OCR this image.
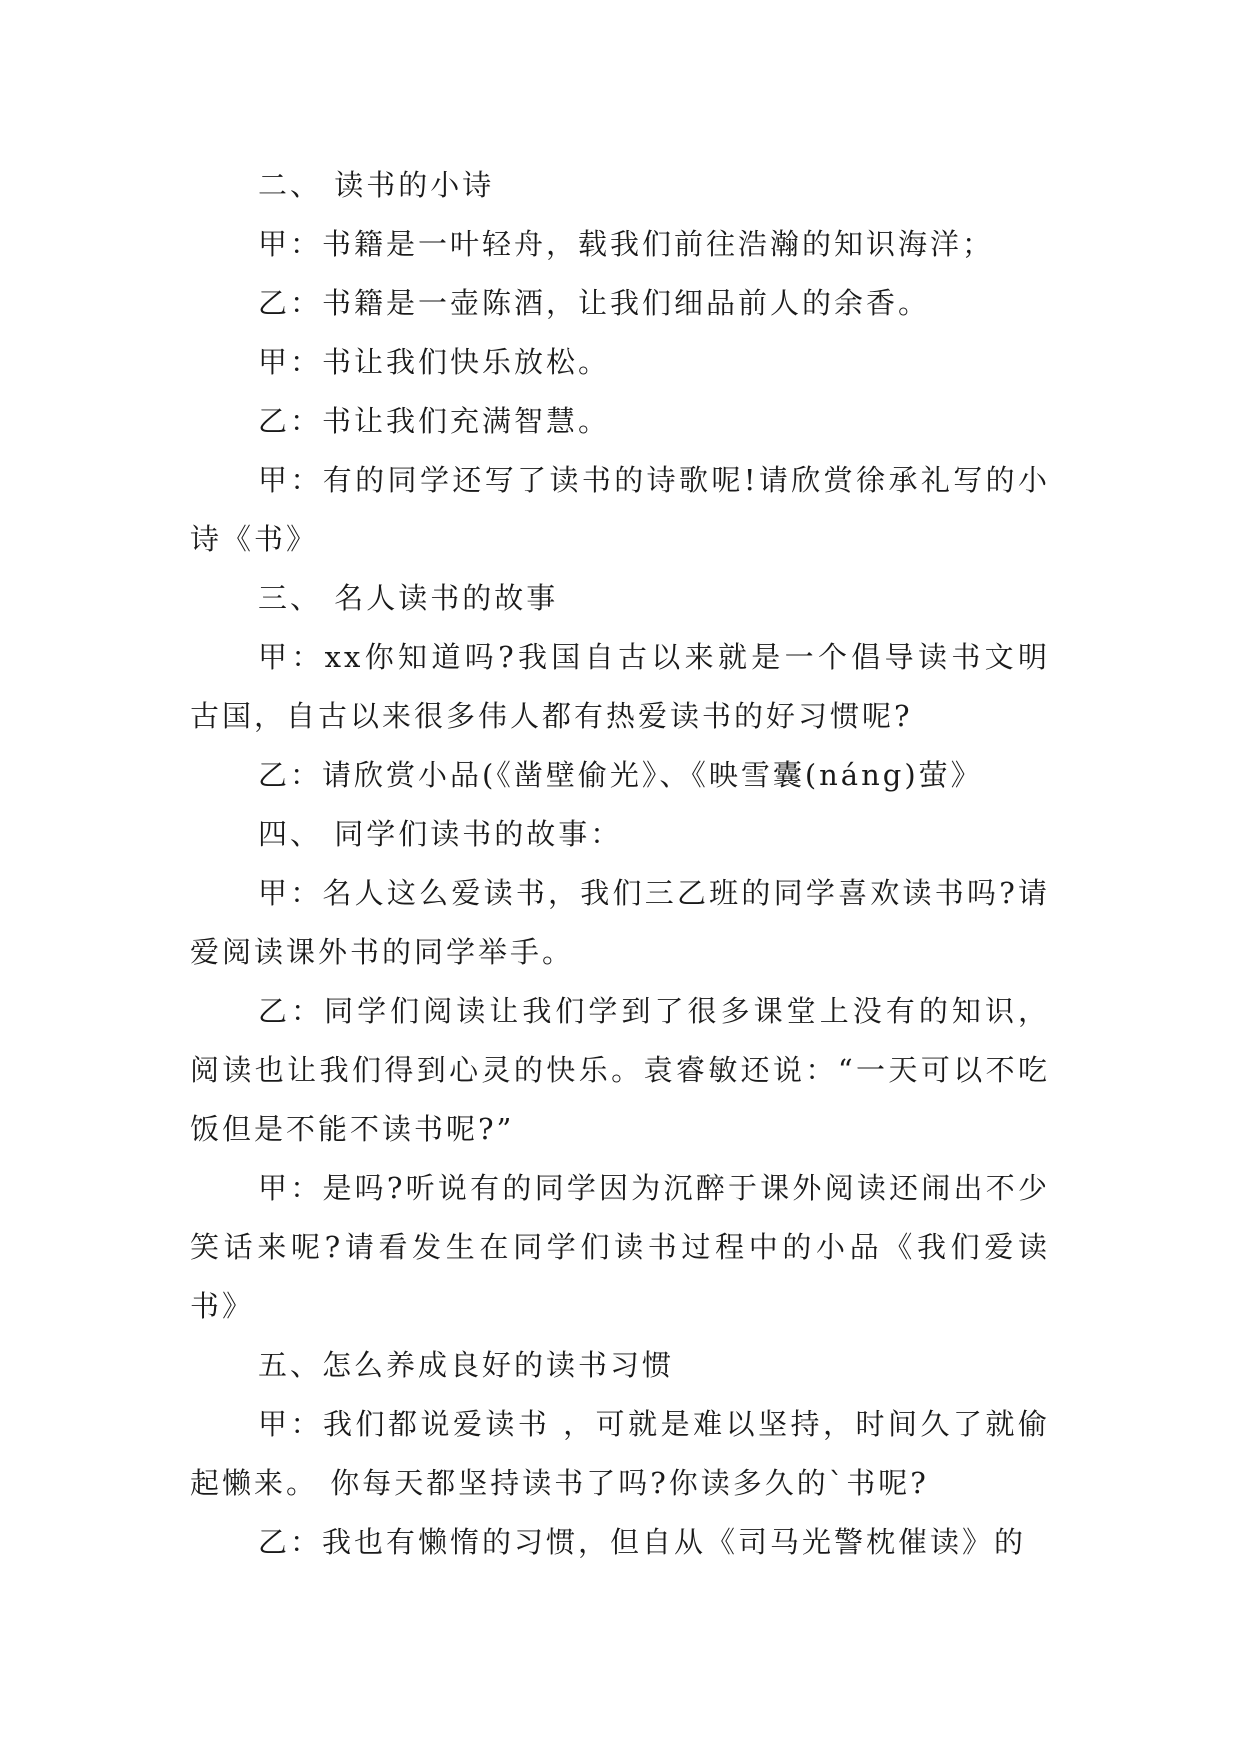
二、 读书的小诗

甲：书籍是一叶轻舟，载我们前往浩瀚的知识海洋；

乙：书籍是一壶陈酒，让我们细品前人的余香。

甲：书让我们快乐放松。

乙：书让我们充满智慧。

甲：有的同学还写了读书的诗歌呢!请欣赏徐承礼写的小诗《书》

三、 名人读书的故事

甲：xx你知道吗?我国自古以来就是一个倡导读书文明古国，自古以来很多伟人都有热爱读书的好习惯呢?

乙：请欣赏小品(《凿壁偷光》、《映雪囊(náng)萤》

四、 同学们读书的故事：

甲：名人这么爱读书，我们三乙班的同学喜欢读书吗?请爱阅读课外书的同学举手。

乙：同学们阅读让我们学到了很多课堂上没有的知识，阅读也让我们得到心灵的快乐。袁睿敏还说：“一天可以不吃饭但是不能不读书呢?”

甲：是吗?听说有的同学因为沉醉于课外阅读还闹出不少笑话来呢?请看发生在同学们读书过程中的小品《我们爱读书》

五、怎么养成良好的读书习惯

甲：我们都说爱读书 ，可就是难以坚持，时间久了就偷起懒来。 你每天都坚持读书了吗?你读多久的`书呢?

乙：我也有懒惰的习惯，但自从《司马光警枕催读》的
